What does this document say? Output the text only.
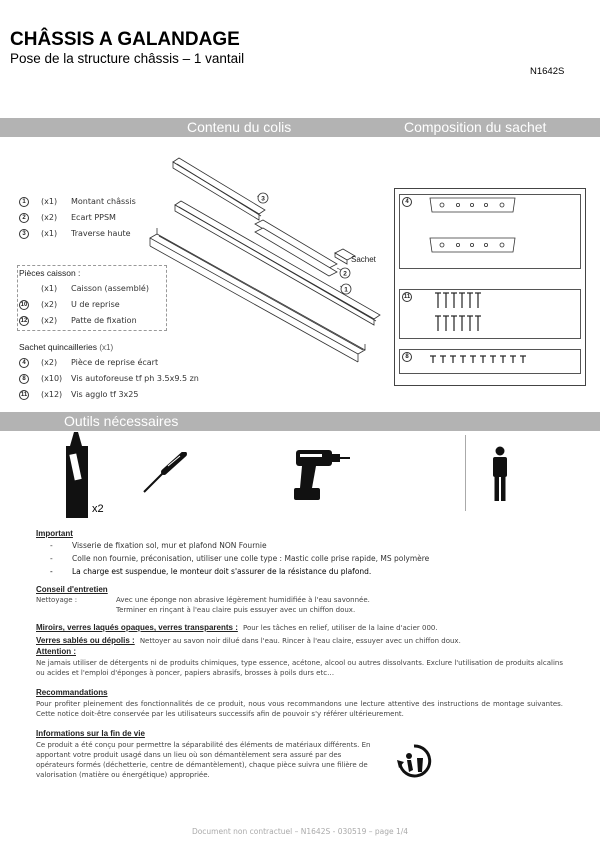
CHÂSSIS A GALANDAGE
Pose de la structure châssis – 1 vantail
N1642S
Contenu du colis	Composition du sachet
1	(x1)	Montant châssis
2	(x2)	Ecart PPSM
3	(x1)	Traverse haute
Pièces caisson :
(x1)	Caisson (assemblé)
10 (x2)	U de reprise
12 (x2)	Patte de fixation
Sachet quincailleries (x1)
4	(x2)	Pièce de reprise écart
8	(x10)	Vis autoforeuse tf ph 3.5x9.5 zn
11 (x12)	Vis agglo tf 3x25
3
2
1
Sachet
4
11
8
Outils nécessaires
x2
Important
-	Visserie de fixation sol, mur et plafond NON Fournie
-	Colle non fournie, préconisation, utiliser une colle type : Mastic colle prise rapide, MS polymère
-	La charge est suspendue, le monteur doit s'assurer de la résistance du plafond.
Conseil d'entretien
Nettoyage :	Avec une éponge non abrasive légèrement humidifiée à l'eau savonnée.
Terminer en rinçant à l'eau claire puis essuyer avec un chiffon doux.
Miroirs, verres laqués opaques, verres transparents : Pour les tâches en relief, utiliser de la laine d'acier 000.
Verres sablés ou dépolis : Nettoyer au savon noir dilué dans l'eau. Rincer à l'eau claire, essuyer avec un chiffon doux.
Attention :
Ne jamais utiliser de détergents ni de produits chimiques, type essence, acétone, alcool ou autres dissolvants. Exclure l'utilisation de produits alcalins ou acides et l'emploi d'éponges à poncer, papiers abrasifs, brosses à poils durs etc…
Recommandations
Pour profiter pleinement des fonctionnalités de ce produit, nous vous recommandons une lecture attentive des instructions de montage suivantes. Cette notice doit-être conservée par les utilisateurs successifs afin de pouvoir s'y référer ultérieurement.
Informations sur la fin de vie
Ce produit a été conçu pour permettre la séparabilité des éléments de matériaux différents. En apportant votre produit usagé dans un lieu où son démantèlement sera assuré par des opérateurs formés (déchetterie, centre de démantèlement), chaque pièce suivra une filière de valorisation (matière ou énergétique) appropriée.
Document non contractuel – N1642S - 030519 – page 1/4
